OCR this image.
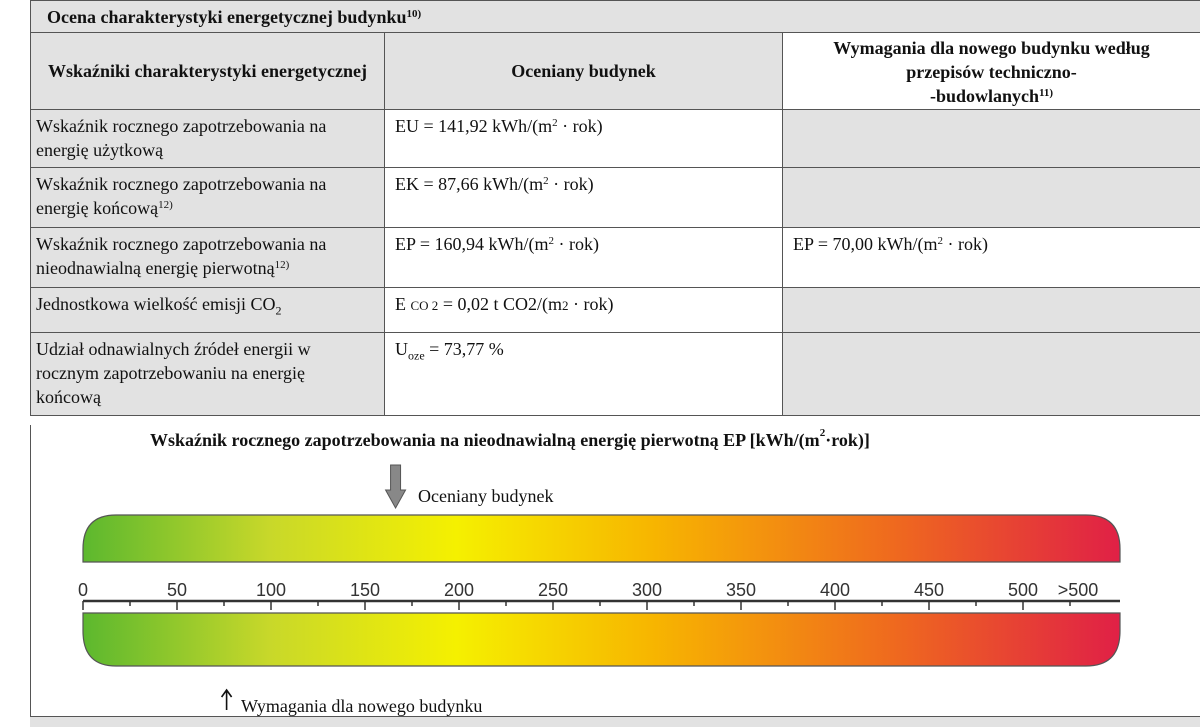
Ocena charakterystyki energetycznej budynku$^{10)}$
Wskaźniki charakterystyki energetycznej	Oceniany budynek	Wymagania dla nowego budynku według
przepisów techniczno-
-budowlanych$^{11)}$
Wskaźnik rocznego zapotrzebowania na
energię użytkową	EU = 141,92 kWh/$(m^2 \cdot rok)$	
Wskaźnik rocznego zapotrzebowania na
energię końcową$^{12)}$	EK = 87,66 kWh/$(m^2 \cdot rok)$	
Wskaźnik rocznego zapotrzebowania na
nieodnawialną energię pierwotną$^{12)}$	EP = 160,94 kWh/$(m^2 \cdot rok)$	EP = 70,00 kWh/$(m^2 \cdot rok)$
Jednostkowa wielkość emisji $CO_2$	E CO 2 = 0,02 t CO2/(m2 · rok)	
Udział odnawialnych źródeł energii w
rocznym zapotrzebowaniu na energię
końcową	$U_{oze} = 73,77$ %	
Wskaźnik rocznego zapotrzebowania na nieodnawialną energię pierwotną EP $[kWh/(m^2\cdot rok)]$
0	50	100	150	200	250	300	350	400	450	500 >500
Oceniany budynek
Wymagania dla nowego budynku
